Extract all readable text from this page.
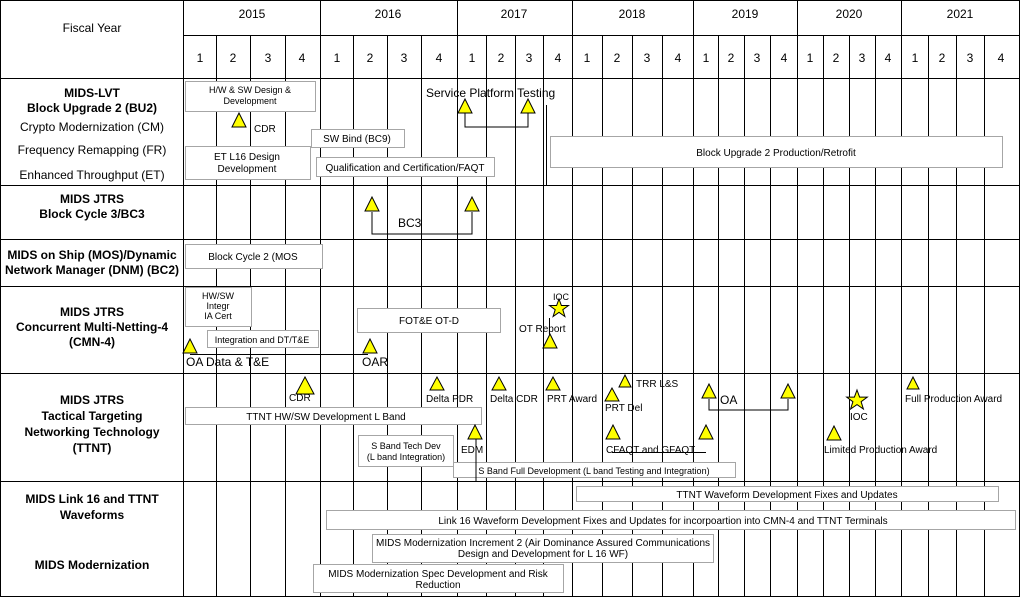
Fiscal Year
2015	2016	2017	2018	2019	2020	2021
1 2 3 4 1 2 3 4 1 2 3 4 1 2 3 4 1 2 3 4 1 2 3 4 1 2 3 4
MIDS-LVT
Block Upgrade 2 (BU2)
Crypto Modernization (CM)
Frequency Remapping (FR)
Enhanced Throughput (ET)
MIDS JTRS
Block Cycle 3/BC3
MIDS on Ship (MOS)/Dynamic
Network Manager (DNM) (BC2)
MIDS JTRS
Concurrent Multi-Netting-4
(CMN-4)
MIDS JTRS
Tactical Targeting
Networking Technology
(TTNT)
MIDS Link 16 and TTNT
Waveforms
MIDS Modernization
H/W & SW Design &
Development
SW Bind (BC9)
ET L16 Design
Development	Qualification and Certification/FAQT
Block Upgrade 2 Production/Retrofit
Block Cycle 2 (MOS
HW/SW
Integr
IA Cert
Integration and DT/T&E
FOT&E OT-D
TTNT HW/SW Development L Band
S Band Tech Dev
(L band Integration)
S Band Full Development (L band Testing and Integration)
TTNT Waveform Development Fixes and Updates
Link 16 Waveform Development Fixes and Updates for incorpoartion into CMN-4 and TTNT Terminals
MIDS Modernization Increment 2 (Air Dominance Assured Communications
Design and Development for L 16 WF)
MIDS Modernization Spec Development and Risk
Reduction
Service Platform Testing
CDR
BC3
IOC
OT Report
OA Data & T&E	OAR
CDR	Delta PDR Delta CDR PRT Award
TRR L&S
PRT Del
OA
IOC
Full Production Award
EDM	CFAQT and GFAQT	Limited Production Award
